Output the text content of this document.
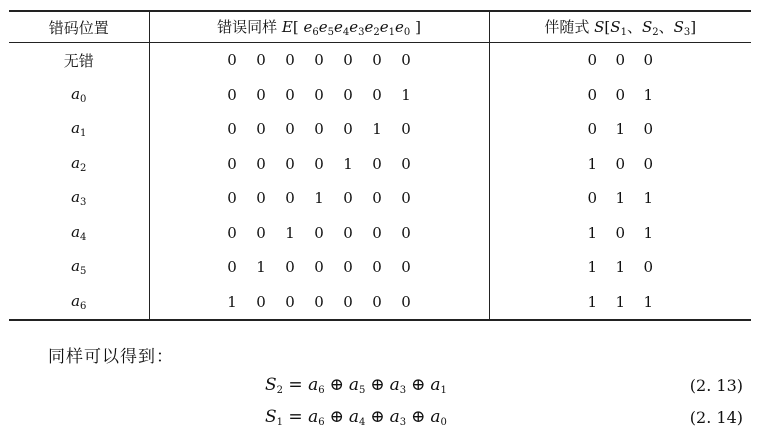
错码位置	错误同样 E[ $e_6e_5e_4e_3e_2e_1e_0$ ]	伴随式 $S[S_1$、$S_2$、$S_3$]
无错	0 0 0 0 0 0 0	0 0 0
$a_0$	0 0 0 0 0 0 1	0 0 1
$a_1$	0 0 0 0 0 1 0	0 1 0
$a_2$	0 0 0 0 1 0 0	1 0 0
$a_3$	0 0 0 1 0 0 0	0 1 1
$a_4$	0 0 1 0 0 0 0	1 0 1
$a_5$	0 1 0 0 0 0 0	1 1 0
$a_6$	1 0 0 0 0 0 0	1 1 1
同样可以得到：
$S_2 = a_6$ ⊕ $a_5$ ⊕ $a_3$ ⊕ $a_1$	(2. 13)
$S_1 = a_6$ ⊕ $a_4$ ⊕ $a_3$ ⊕ $a_0$	(2. 14)
